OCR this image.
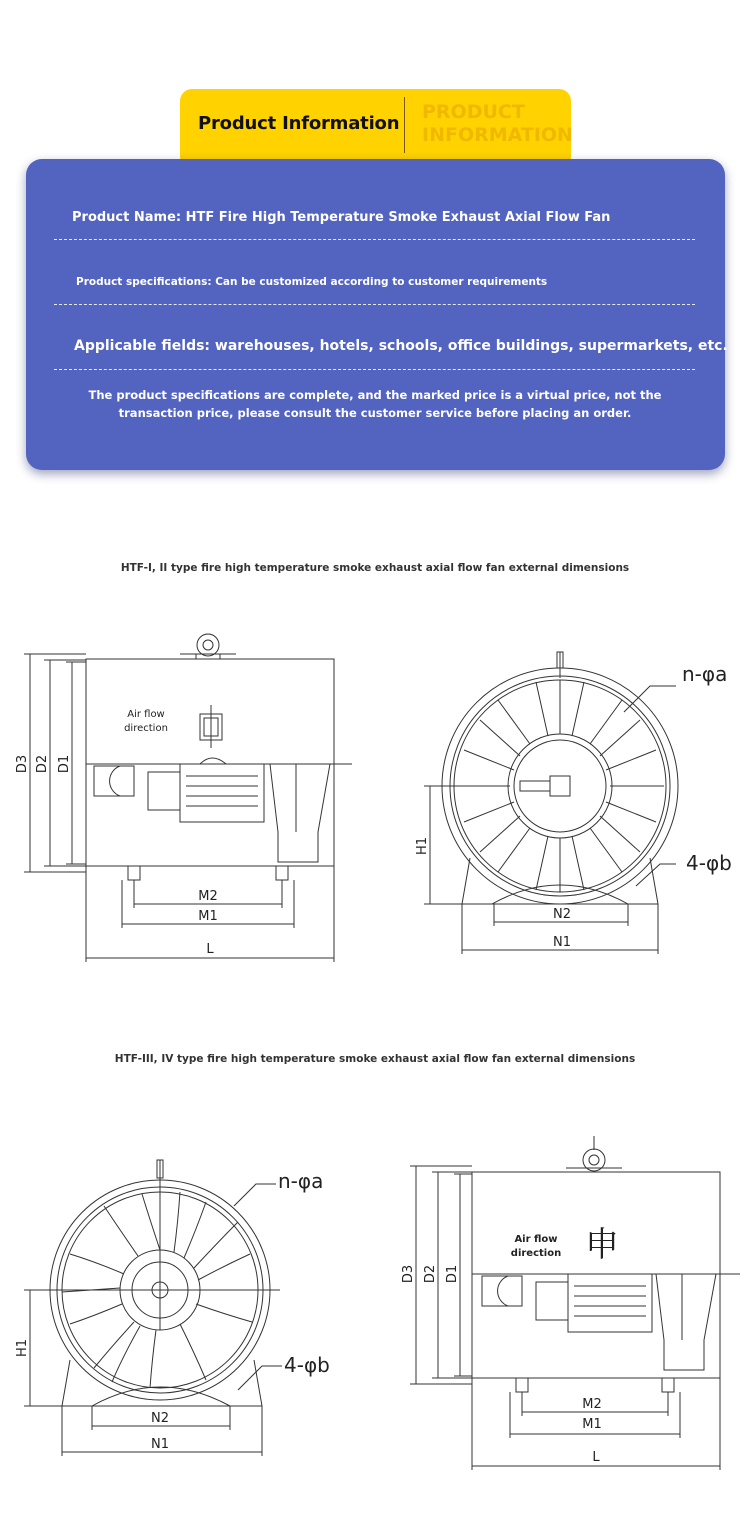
Product Information
PRODUCT
INFORMATION
Product Name: HTF Fire High Temperature Smoke Exhaust Axial Flow Fan
Product specifications: Can be customized according to customer requirements
Applicable fields: warehouses, hotels, schools, office buildings, supermarkets, etc.
The product specifications are complete, and the marked price is a virtual price, not the transaction price, please consult the customer service before placing an order.
HTF-I, II type fire high temperature smoke exhaust axial flow fan external dimensions
HTF-III, IV type fire high temperature smoke exhaust axial flow fan external dimensions
D3 D2 D1
Air flow
direction
M2
M1
L
n-φa
4-φb
H1
N2
N1
n-φa
4-φb
H1
N2
N1
D3 D2 D1
Air flow
direction 申
M2
M1
L
